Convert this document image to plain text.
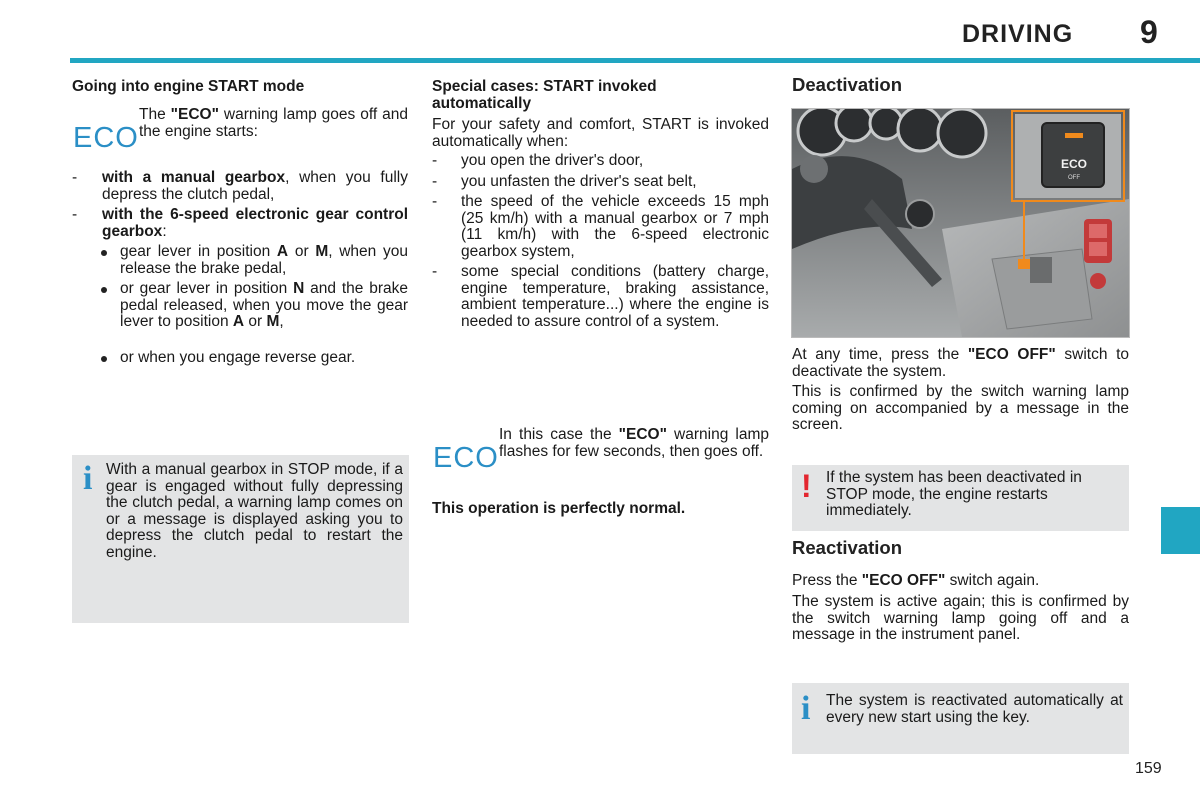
DRIVING 9
159
Going into engine START mode
ECO
The "ECO" warning lamp goes off and the engine starts:
- with a manual gearbox, when you fully depress the clutch pedal,
- with the 6-speed electronic gear control gearbox:
gear lever in position A or M, when you release the brake pedal,
or gear lever in position N and the brake pedal released, when you move the gear lever to position A or M,
or when you engage reverse gear.
i With a manual gearbox in STOP mode, if a gear is engaged without fully depressing the clutch pedal, a warning lamp comes on or a message is displayed asking you to depress the clutch pedal to restart the engine.
Special cases: START invoked automatically
For your safety and comfort, START is invoked automatically when:
- you open the driver's door,
- you unfasten the driver's seat belt,
- the speed of the vehicle exceeds 15 mph (25 km/h) with a manual gearbox or 7 mph (11 km/h) with the 6-speed electronic gearbox system,
- some special conditions (battery charge, engine temperature, braking assistance, ambient temperature...) where the engine is needed to assure control of a system.
ECO
In this case the "ECO" warning lamp flashes for few seconds, then goes off.
This operation is perfectly normal.
Deactivation
ECO
OFF
At any time, press the "ECO OFF" switch to deactivate the system.
This is confirmed by the switch warning lamp coming on accompanied by a message in the screen.
! If the system has been deactivated in STOP mode, the engine restarts immediately.
Reactivation
Press the "ECO OFF" switch again.
The system is active again; this is confirmed by the switch warning lamp going off and a message in the instrument panel.
i The system is reactivated automatically at every new start using the key.
